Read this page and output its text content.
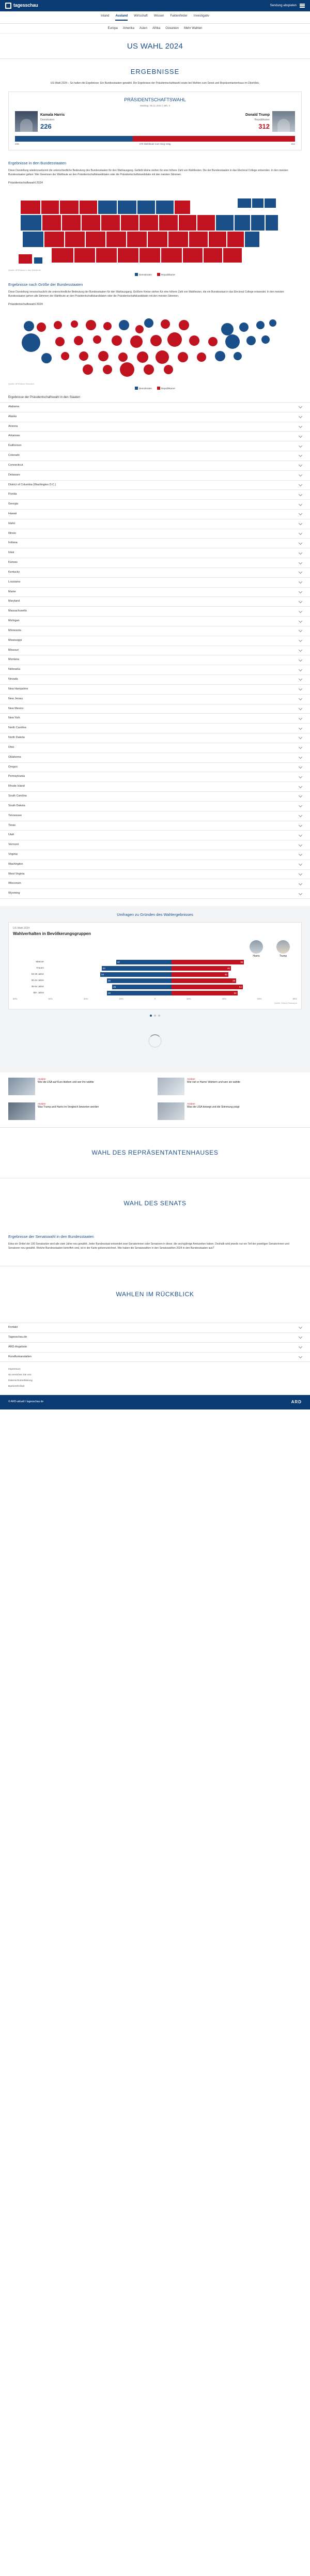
tagesschau	Sendung abspielen
Inland Ausland Wirtschaft Wissen Faktenfinder Investigativ
Europa Amerika Asien Afrika Ozeanien Mehr Wahlen
US WAHL 2024
ERGEBNISSE

US-Wahl 2024 – So halten die Ergebnisse: Ein Bundesstaaten-gewählt. Die Ergebnisse der Präsidentschaftswahl sowie bei Wahlen zum Senat und Repräsentantenhaus im Überblick.

PRÄSIDENTSCHAFTSWAHL
Wahltag: 05.11.2024 | 48h, 0
Kamala Harris
Demokraten
226
Donald Trump
Republikaner
312
226	270 Wahlleute zum Sieg nötig	312
Ergebnisse in den Bundesstaaten

Diese Darstellung wiederzuerkennt die unterschiedliche Bedeutung des Bundesstaaten für den Wahlausgang. Gefärbt kleine stehen für eine höhere Zahl von Wahlleuten. Die der Bundesstaaten in das Electoral College entsenden. In den meisten Bundesstaaten gelten: Wer Gewinnen der Wahlleute an den Präsidentschaftskandidaten oder die Präsidentschaftskandidatin mit den meisten Stimmen.

Präsidentschaftswahl 2024
Quelle: AP/Edison in den Wahlleute
Demokraten	Republikaner
Ergebnisse nach Größe der Bundesstaaten

Diese Darstellung veranschaulicht die unterschiedliche Bedeutung der Bundesstaaten für den Wahlausgang. Größere Kreise stehen für eine höhere Zahl von Wahlleuten, die ein Bundesstaat in das Electoral College entsendet. In den meisten Bundesstaaten gehen alle Stimmen der Wahlleute an den Präsidentschaftskandidaten oder die Präsidentschaftskandidatin mit den meisten Stimmen.

Präsidentschaftswahl 2024
Quelle: AP/Edison Research
Demokraten	Republikaner
Ergebnisse der Präsidentschaftswahl in den Staaten
Alabama
Alaska
Arizona
Arkansas
Kalifornien
Colorado
Connecticut
Delaware
District of Columbia (Washington D.C.)
Florida
Georgia
Hawaii
Idaho
Illinois
Indiana
Iowa
Kansas
Kentucky
Louisiana
Maine
Maryland
Massachusetts
Michigan
Minnesota
Mississippi
Missouri
Montana
Nebraska
Nevada
New Hampshire
New Jersey
New Mexico
New York
North Carolina
North Dakota
Ohio
Oklahoma
Oregon
Pennsylvania
Rhode Island
South Carolina
South Dakota
Tennessee
Texas
Utah
Vermont
Virginia
Washington
West Virginia
Wisconsin
Wyoming
Umfragen zu Gründen des Wahlergebnisses
US Wahl 2024
Wahlverhalten in Bevölkerungsgruppen
Harris	Trump
Männer	42	55
Frauen	53	45
18-29 Jahre	54	43
30-44 Jahre	49	49
45-64 Jahre	45	54
65+ Jahre	49	50
80%	60%	40%	20%	0	20%	40%	60%	80%
Quelle: Edison Research
Analyse
Wie die USA auf Kurs bleiben und wer ihn wählte
Analyse
Wie viel er Harris' Wählern und wen sie wählte
Analyse
Was Trump und Harris im Vergleich bewerten werden
Analyse
Was die USA bewegt und die Stimmung prägt
WAHL DES REPRÄSENTANTENHAUSES
WAHL DES SENATS
Ergebnisse der Senatswahl in den Bundesstaaten

Etwa ein Drittel der 100 Senatssitze wird alle zwei Jahre neu gewählt. Jeder Bundesstaat entsendet zwei Senatorinnen oder Senatoren in diese, die sechsjährige Amtszeiten haben. Deshalb wird jeweils nur ein Teil der jeweiligen Senatorinnen und Senatoren neu gewählt. Welche Bundesstaaten betroffen sind, ist in der Karte gekennzeichnet. Wie haben die Senatswahlen in den Senatswahlen 2024 in den Bundesstaaten aus?

WAHLEN IM RÜCKBLICK
Kontakt
Tagesschau.de
ARD-Angebote
Rundfunkanstalten
Impressum
So erreichen Sie uns
Datenschutzerklärung
Barrierefreiheit
© ARD-aktuell / tagesschau.de	ARD
